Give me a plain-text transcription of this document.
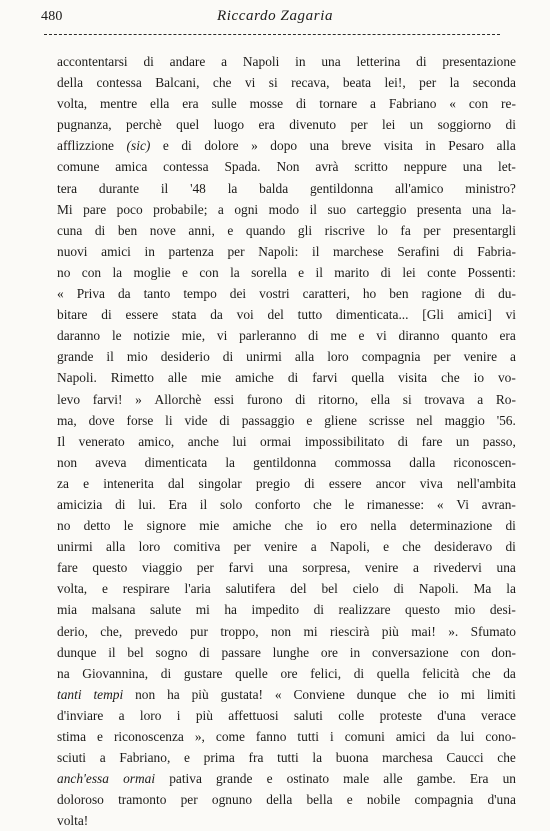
480	Riccardo Zagaria
accontentarsi di andare a Napoli in una letterina di presentazione
della contessa Balcani, che vi si recava, beata lei!, per la seconda
volta, mentre ella era sulle mosse di tornare a Fabriano « con re-
pugnanza, perchè quel luogo era divenuto per lei un soggiorno di
afflizzione (sic) e di dolore » dopo una breve visita in Pesaro alla
comune amica contessa Spada. Non avrà scritto neppure una let-
tera durante il '48 la balda gentildonna all'amico ministro?
Mi pare poco probabile; a ogni modo il suo carteggio presenta una la-
cuna di ben nove anni, e quando gli riscrive lo fa per presentargli
nuovi amici in partenza per Napoli: il marchese Serafini di Fabria-
no con la moglie e con la sorella e il marito di lei conte Possenti:
« Priva da tanto tempo dei vostri caratteri, ho ben ragione di du-
bitare di essere stata da voi del tutto dimenticata... [Gli amici] vi
daranno le notizie mie, vi parleranno di me e vi diranno quanto era
grande il mio desiderio di unirmi alla loro compagnia per venire a
Napoli. Rimetto alle mie amiche di farvi quella visita che io vo-
levo farvi! » Allorchè essi furono di ritorno, ella si trovava a Ro-
ma, dove forse li vide di passaggio e gliene scrisse nel maggio '56.
Il venerato amico, anche lui ormai impossibilitato di fare un passo,
non aveva dimenticata la gentildonna commossa dalla riconoscen-
za e intenerita dal singolar pregio di essere ancor viva nell'ambita
amicizia di lui. Era il solo conforto che le rimanesse: « Vi avran-
no detto le signore mie amiche che io ero nella determinazione di
unirmi alla loro comitiva per venire a Napoli, e che desideravo di
fare questo viaggio per farvi una sorpresa, venire a rivedervi una
volta, e respirare l'aria salutifera del bel cielo di Napoli. Ma la
mia malsana salute mi ha impedito di realizzare questo mio desi-
derio, che, prevedo pur troppo, non mi riescirà più mai! ». Sfumato
dunque il bel sogno di passare lunghe ore in conversazione con don-
na Giovannina, di gustare quelle ore felici, di quella felicità che da
tanti tempi non ha più gustata! « Conviene dunque che io mi limiti
d'inviare a loro i più affettuosi saluti colle proteste d'una verace
stima e riconoscenza », come fanno tutti i comuni amici da lui cono-
sciuti a Fabriano, e prima fra tutti la buona marchesa Caucci che
anch'essa ormai pativa grande e ostinato male alle gambe. Era un
doloroso tramonto per ognuno della bella e nobile compagnia d'una
volta!
